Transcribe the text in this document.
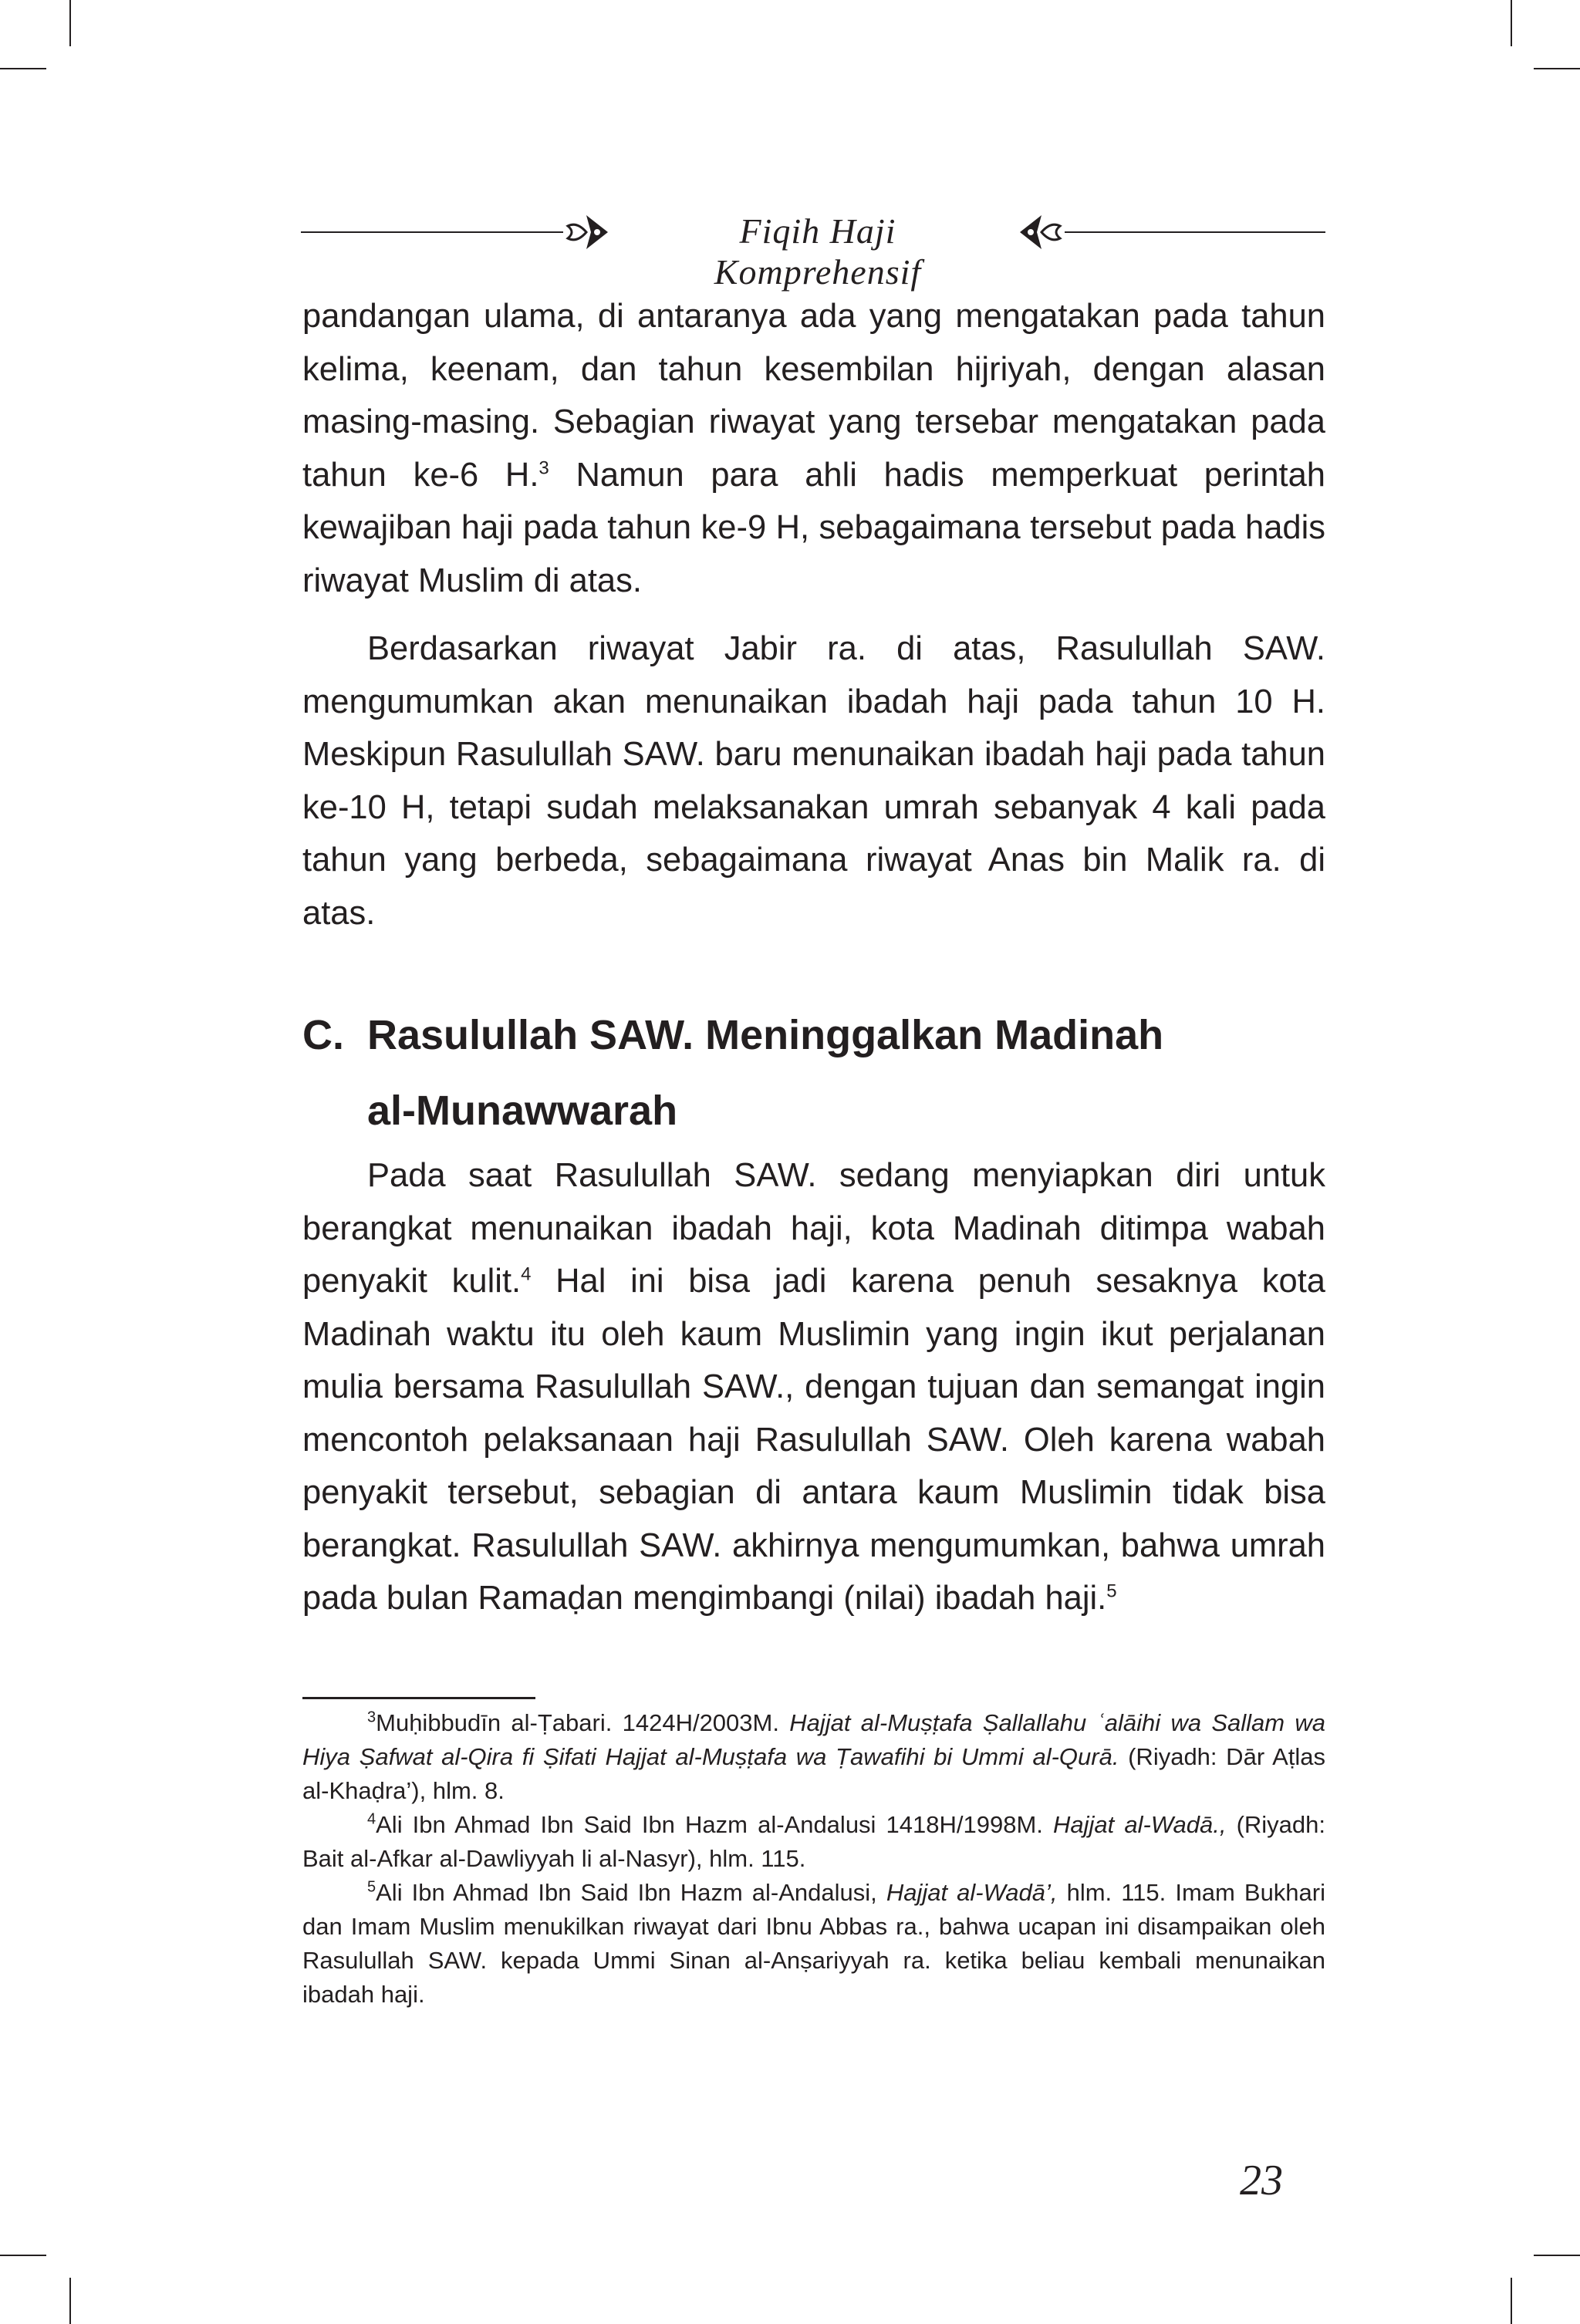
Fiqih Haji Komprehensif

pandangan ulama, di antaranya ada yang mengatakan pada tahun kelima, keenam, dan tahun kesembilan hijriyah, dengan alasan masing-masing. Sebagian riwayat yang tersebar mengatakan pada tahun ke-6 H.$^3$ Namun para ahli hadis memperkuat perintah kewajiban haji pada tahun ke-9 H, sebagaimana tersebut pada hadis riwayat Muslim di atas.

Berdasarkan riwayat Jabir ra. di atas, Rasulullah SAW. mengumumkan akan menunaikan ibadah haji pada tahun 10 H. Meskipun Rasulullah SAW. baru menunaikan ibadah haji pada tahun ke-10 H, tetapi sudah melaksanakan umrah sebanyak 4 kali pada tahun yang berbeda, sebagaimana riwayat Anas bin Malik ra. di atas.

C. Rasulullah SAW. Meninggalkan Madinah
al-Munawwarah

Pada saat Rasulullah SAW. sedang menyiapkan diri untuk berangkat menunaikan ibadah haji, kota Madinah ditimpa wabah penyakit kulit.$^4$ Hal ini bisa jadi karena penuh sesaknya kota Madinah waktu itu oleh kaum Muslimin yang ingin ikut perjalanan mulia bersama Rasulullah SAW., dengan tujuan dan semangat ingin mencontoh pelaksanaan haji Rasulullah SAW. Oleh karena wabah penyakit tersebut, sebagian di antara kaum Muslimin tidak bisa berangkat. Rasulullah SAW. akhirnya mengumumkan, bahwa umrah pada bulan Ramaḍan mengimbangi (nilai) ibadah haji.$^5$

$^3$Muḥibbudīn al-Ṭabari. 1424H/2003M. Hajjat al-Muṣṭafa Ṣallallahu ʿalāihi wa Sallam wa Hiya Ṣafwat al-Qira fi Ṣifati Hajjat al-Muṣṭafa wa Ṭawafihi bi Ummi al-Qurā. (Riyadh: Dār Aṭlas al-Khaḍra’), hlm. 8.

$^4$Ali Ibn Ahmad Ibn Said Ibn Hazm al-Andalusi 1418H/1998M. Hajjat al-Wadā., (Riyadh: Bait al-Afkar al-Dawliyyah li al-Nasyr), hlm. 115.

$^5$Ali Ibn Ahmad Ibn Said Ibn Hazm al-Andalusi, Hajjat al-Wadā’, hlm. 115. Imam Bukhari dan Imam Muslim menukilkan riwayat dari Ibnu Abbas ra., bahwa ucapan ini disampaikan oleh Rasulullah SAW. kepada Ummi Sinan al-Anṣariyyah ra. ketika beliau kembali menunaikan ibadah haji.

23
